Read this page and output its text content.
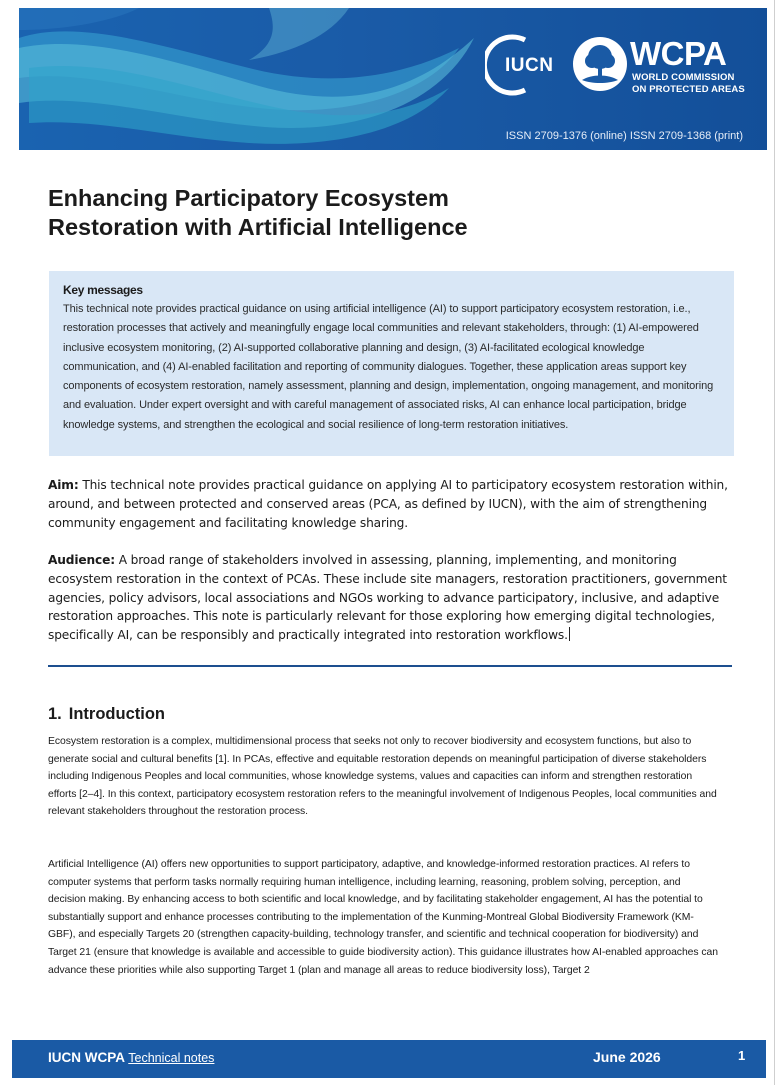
IUCN WCPA
WORLD COMMISSION
ON PROTECTED AREAS
ISSN 2709-1376 (online) ISSN 2709-1368 (print)
Enhancing Participatory Ecosystem
Restoration with Artificial Intelligence

Key messages

This technical note provides practical guidance on using artificial intelligence (AI) to support participatory ecosystem restoration, i.e., restoration processes that actively and meaningfully engage local communities and relevant stakeholders, through: (1) AI-empowered inclusive ecosystem monitoring, (2) AI-supported collaborative planning and design, (3) AI-facilitated ecological knowledge communication, and (4) AI-enabled facilitation and reporting of community dialogues. Together, these application areas support key components of ecosystem restoration, namely assessment, planning and design, implementation, ongoing management, and monitoring and evaluation. Under expert oversight and with careful management of associated risks, AI can enhance local participation, bridge knowledge systems, and strengthen the ecological and social resilience of long-term restoration initiatives.

Aim: This technical note provides practical guidance on applying AI to participatory ecosystem restoration within, around, and between protected and conserved areas (PCA, as defined by IUCN), with the aim of strengthening community engagement and facilitating knowledge sharing.

Audience: A broad range of stakeholders involved in assessing, planning, implementing, and monitoring ecosystem restoration in the context of PCAs. These include site managers, restoration practitioners, government agencies, policy advisors, local associations and NGOs working to advance participatory, inclusive, and adaptive restoration approaches. This note is particularly relevant for those exploring how emerging digital technologies, specifically AI, can be responsibly and practically integrated into restoration workflows.

1. Introduction

Ecosystem restoration is a complex, multidimensional process that seeks not only to recover biodiversity and ecosystem functions, but also to generate social and cultural benefits [1]. In PCAs, effective and equitable restoration depends on meaningful participation of diverse stakeholders including Indigenous Peoples and local communities, whose knowledge systems, values and capacities can inform and strengthen restoration efforts [2–4]. In this context, participatory ecosystem restoration refers to the meaningful involvement of Indigenous Peoples, local communities and relevant stakeholders throughout the restoration process.

Artificial Intelligence (AI) offers new opportunities to support participatory, adaptive, and knowledge-informed restoration practices. AI refers to computer systems that perform tasks normally requiring human intelligence, including learning, reasoning, problem solving, perception, and decision making. By enhancing access to both scientific and local knowledge, and by facilitating stakeholder engagement, AI has the potential to substantially support and enhance processes contributing to the implementation of the Kunming-Montreal Global Biodiversity Framework (KM-GBF), and especially Targets 20 (strengthen capacity-building, technology transfer, and scientific and technical cooperation for biodiversity) and Target 21 (ensure that knowledge is available and accessible to guide biodiversity action). This guidance illustrates how AI-enabled approaches can advance these priorities while also supporting Target 1 (plan and manage all areas to reduce biodiversity loss), Target 2

IUCN WCPA Technical notes	June 2026	1
